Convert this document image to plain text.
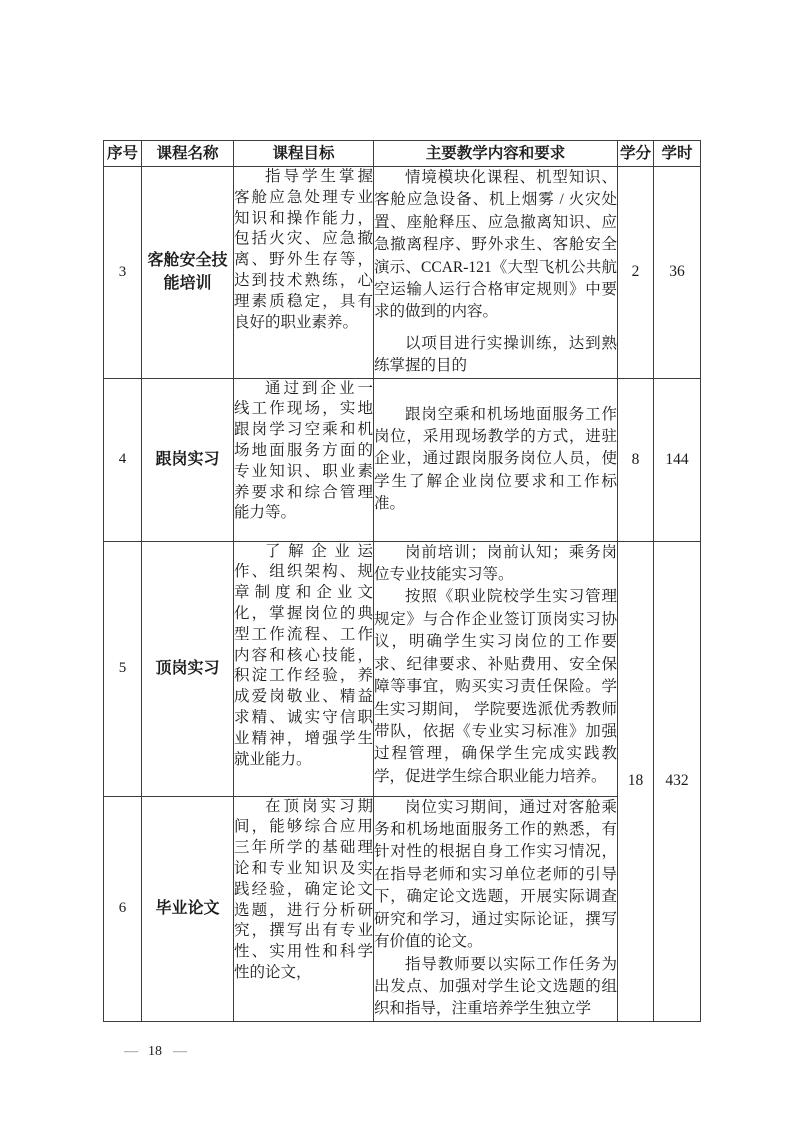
序号	课程名称	课程目标	主要教学内容和要求	学分	学时
3	客舱安全技能培训	指导学生掌握客舱应急处理专业知识和操作能力，包括火灾、应急撤离、野外生存等，达到技术熟练，心理素质稳定，具有良好的职业素养。	情境模块化课程、机型知识、客舱应急设备、机上烟雾 / 火灾处置、座舱释压、应急撤离知识、应急撤离程序、野外求生、客舱安全演示、CCAR-121《大型飞机公共航空运输人运行合格审定规则》中要求的做到的内容。

以项目进行实操训练，达到熟练掌握的目的	2	36
4	跟岗实习	通过到企业一线工作现场，实地跟岗学习空乘和机场地面服务方面的专业知识、职业素养要求和综合管理能力等。	跟岗空乘和机场地面服务工作岗位，采用现场教学的方式，进驻企业，通过跟岗服务岗位人员，使学生了解企业岗位要求和工作标准。	8	144
5	顶岗实习	了解企业运作、组织架构、规章制度和企业文化，掌握岗位的典型工作流程、工作内容和核心技能，积淀工作经验，养成爱岗敬业、精益求精、诚实守信职业精神，增强学生就业能力。	岗前培训；岗前认知；乘务岗位专业技能实习等。

按照《职业院校学生实习管理规定》与合作企业签订顶岗实习协议，明确学生实习岗位的工作要求、纪律要求、补贴费用、安全保障等事宜，购买实习责任保险。学生实习期间， 学院要选派优秀教师带队，依据《专业实习标准》加强过程管理，确保学生完成实践教学，促进学生综合职业能力培养。	18	432
6	毕业论文	在顶岗实习期间，能够综合应用三年所学的基础理论和专业知识及实践经验，确定论文选题，进行分析研究，撰写出有专业性、实用性和科学性的论文，	岗位实习期间，通过对客舱乘务和机场地面服务工作的熟悉，有针对性的根据自身工作实习情况，在指导老师和实习单位老师的引导下，确定论文选题，开展实际调查研究和学习，通过实际论证，撰写有价值的论文。

指导教师要以实际工作任务为出发点、加强对学生论文选题的组织和指导，注重培养学生独立学		

— 18 —
